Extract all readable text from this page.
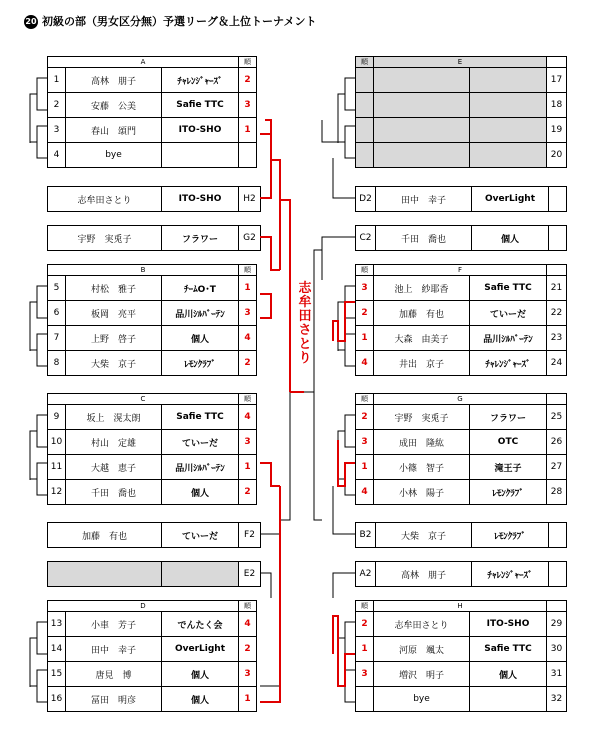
20 初級の部（男女区分無）予選リーグ＆上位トーナメント
A			順
1	高林　朋子	ﾁｬﾚﾝｼﾞｬｰｽﾞ	2
2	安藤　公美	Safie TTC	3
3	春山　頌門	ITO-SHO	1
4	bye		
志牟田さとり	ITO-SHO	H2
宇野　実兎子	フラワー	G2
B			順
5	村松　雅子	ﾁｰﾑO･T	1
6	板岡　亮平	品川ｼﾙﾊﾞｰﾃﾝ	3
7	上野　啓子	個人	4
8	大柴　京子	ﾚﾓﾝｸﾗﾌﾞ	2
C			順
9	坂上　滉太朗	Safie TTC	4
10	村山　定雄	ていーだ	3
11	大越　恵子	品川ｼﾙﾊﾞｰﾃﾝ	1
12	千田　喬也	個人	2
加藤　有也	ていーだ	F2
		E2
D			順
13	小車　芳子	でんたく会	4
14	田中　幸子	OverLight	2
15	唐見　博	個人	3
16	冨田　明彦	個人	1
順	E		
			17
			18
			19
			20
D2	田中　幸子	OverLight	
C2	千田　喬也	個人	
順	F		
3	池上　紗耶香	Safie TTC	21
2	加藤　有也	ていーだ	22
1	大森　由美子	品川ｼﾙﾊﾞｰﾃﾝ	23
4	井出　京子	ﾁｬﾚﾝｼﾞｬｰｽﾞ	24
順	G		
2	宇野　実兎子	フラワー	25
3	成田　隆紘	OTC	26
1	小篠　智子	滝王子	27
4	小林　陽子	ﾚﾓﾝｸﾗﾌﾞ	28
B2	大柴　京子	ﾚﾓﾝｸﾗﾌﾞ	
A2	高林　朋子	ﾁｬﾚﾝｼﾞｬｰｽﾞ	
順	H		
2	志牟田さとり	ITO-SHO	29
1	河原　颯太	Safie TTC	30
3	増沢　明子	個人	31
	bye		32
志
牟
田
さ
と
り
